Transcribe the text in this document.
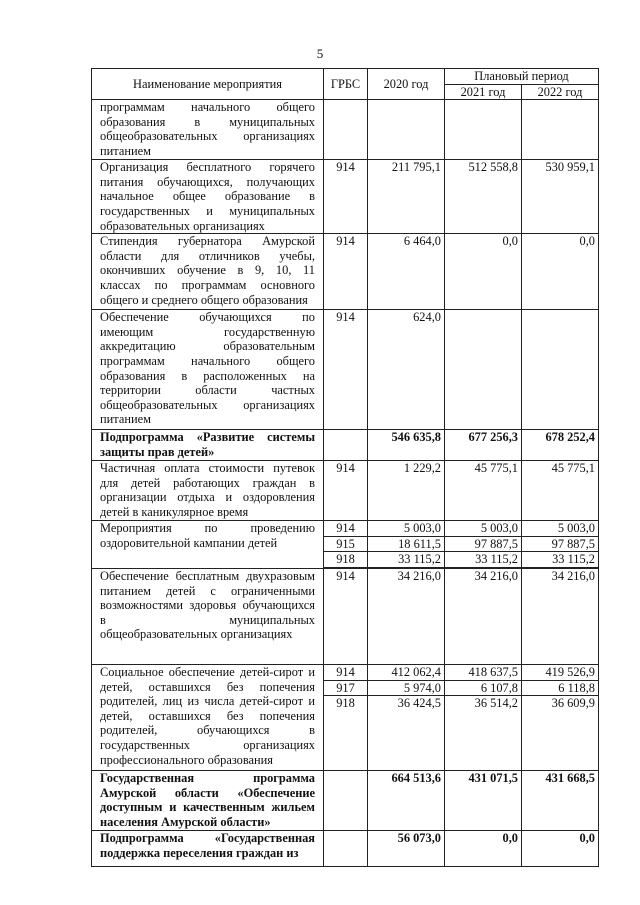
5
Наименование мероприятия	ГРБС	2020 год	Плановый период	
			2021 год	2022 год
программам начального общего образования в муниципальных общеобразовательных организациях питанием				
Организация бесплатного горячего питания обучающихся, получающих начальное общее образование в государственных и муниципальных образовательных организациях	914	211 795,1	512 558,8	530 959,1
Стипендия губернатора Амурской области для отличников учебы, окончивших обучение в 9, 10, 11 классах по программам основного общего и среднего общего образования	914	6 464,0	0,0	0,0
Обеспечение обучающихся по имеющим государственную аккредитацию образовательным программам начального общего образования в расположенных на территории области частных общеобразовательных организациях питанием	914	624,0		
Подпрограмма «Развитие системы защиты прав детей»		546 635,8	677 256,3	678 252,4
Частичная оплата стоимости путевок для детей работающих граждан в организации отдыха и оздоровления детей в каникулярное время	914	1 229,2	45 775,1	45 775,1
Мероприятия по проведению оздоровительной кампании детей	914	5 003,0	5 003,0	5 003,0
	915	18 611,5	97 887,5	97 887,5
	918	33 115,2	33 115,2	33 115,2

Обеспечение бесплатным двухразовым питанием детей с ограниченными возможностями здоровья обучающихся в муниципальных общеобразовательных организациях	914	34 216,0	34 216,0	34 216,0
Социальное обеспечение детей-сирот и детей, оставшихся без попечения родителей, лиц из числа детей-сирот и детей, оставшихся без попечения родителей, обучающихся в государственных организациях профессионального образования	914	412 062,4	418 637,5	419 526,9
	917	5 974,0	6 107,8	6 118,8
	918	36 424,5	36 514,2	36 609,9

Государственная программа Амурской области «Обеспечение доступным и качественным жильем населения Амурской области»		664 513,6	431 071,5	431 668,5
Подпрограмма «Государственная поддержка переселения граждан из		56 073,0	0,0	0,0
